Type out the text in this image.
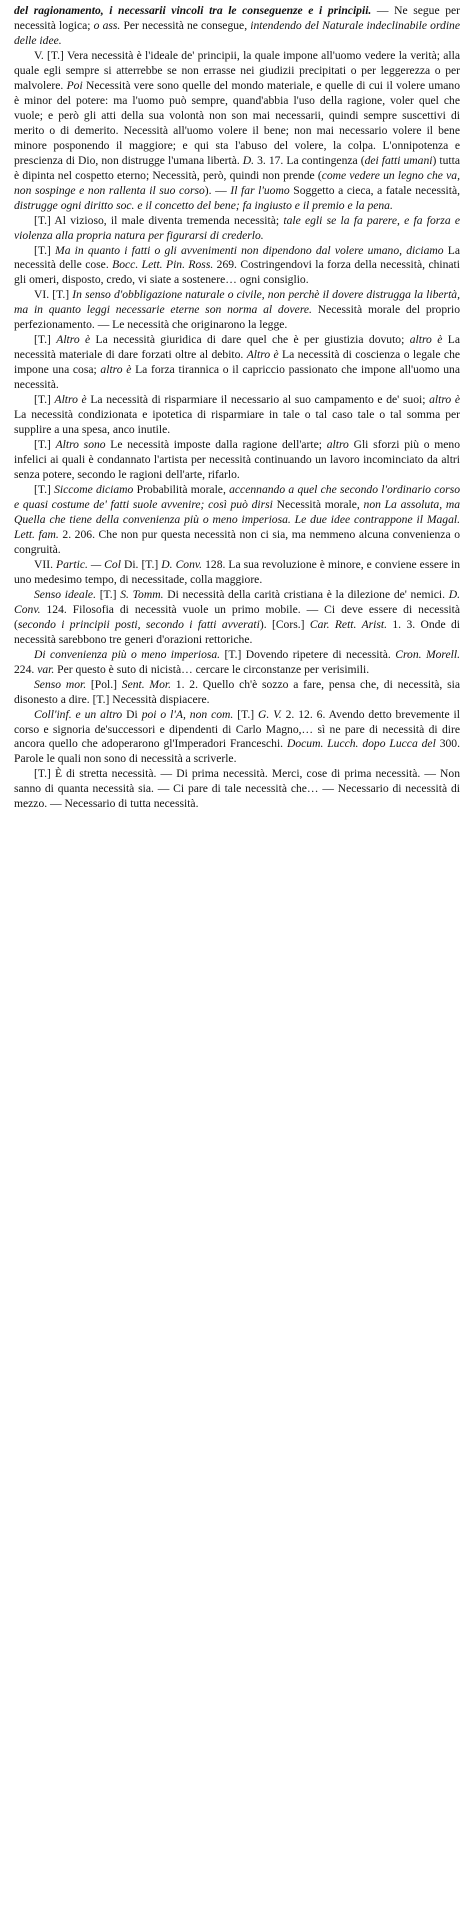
del ragionamento, i necessarii vincoli tra le conseguenze e i principii. — Ne segue per necessità logica; o ass. Per necessità ne consegue, intendendo del Naturale indeclinabile ordine delle idee.

V. [T.] Vera necessità è l'ideale de' principii, la quale impone all'uomo vedere la verità; alla quale egli sempre si atterrebbe se non errasse nei giudizii precipitati o per leggerezza o per malvolere. Poi Necessità vere sono quelle del mondo materiale, e quelle di cui il volere umano è minor del potere: ma l'uomo può sempre, quand'abbia l'uso della ragione, voler quel che vuole; e però gli atti della sua volontà non son mai necessarii, quindi sempre suscettivi di merito o di demerito. Necessità all'uomo volere il bene; non mai necessario volere il bene minore posponendo il maggiore; e qui sta l'abuso del volere, la colpa. L'onnipotenza e prescienza di Dio, non distrugge l'umana libertà. D. 3. 17. La contingenza (dei fatti umani) tutta è dipinta nel cospetto eterno; Necessità, però, quindi non prende (come vedere un legno che va, non sospinge e non rallenta il suo corso). — Il far l'uomo Soggetto a cieca, a fatale necessità, distrugge ogni diritto soc. e il concetto del bene; fa ingiusto e il premio e la pena.

[T.] Al vizioso, il male diventa tremenda necessità; tale egli se la fa parere, e fa forza e violenza alla propria natura per figurarsi di crederlo.

[T.] Ma in quanto i fatti o gli avvenimenti non dipendono dal volere umano, diciamo La necessità delle cose. Bocc. Lett. Pin. Ross. 269. Costringendovi la forza della necessità, chinati gli omeri, disposto, credo, vi siate a sostenere… ogni consiglio.

VI. [T.] In senso d'obbligazione naturale o civile, non perchè il dovere distrugga la libertà, ma in quanto leggi necessarie eterne son norma al dovere. Necessità morale del proprio perfezionamento. — Le necessità che originarono la legge.

[T.] Altro è La necessità giuridica di dare quel che è per giustizia dovuto; altro è La necessità materiale di dare forzati oltre al debito. Altro è La necessità di coscienza o legale che impone una cosa; altro è La forza tirannica o il capriccio passionato che impone all'uomo una necessità.

[T.] Altro è La necessità di risparmiare il necessario al suo campamento e de' suoi; altro è La necessità condizionata e ipotetica di risparmiare in tale o tal caso tale o tal somma per supplire a una spesa, anco inutile.

[T.] Altro sono Le necessità imposte dalla ragione dell'arte; altro Gli sforzi più o meno infelici ai quali è condannato l'artista per necessità continuando un lavoro incominciato da altri senza potere, secondo le ragioni dell'arte, rifarlo.

[T.] Siccome diciamo Probabilità morale, accennando a quel che secondo l'ordinario corso e quasi costume de' fatti suole avvenire; così può dirsi Necessità morale, non La assoluta, ma Quella che tiene della convenienza più o meno imperiosa. Le due idee contrappone il Magal. Lett. fam. 2. 206. Che non pur questa necessità non ci sia, ma nemmeno alcuna convenienza o congruità.

VII. Partic. — Col Di. [T.] D. Conv. 128. La sua revoluzione è minore, e conviene essere in uno medesimo tempo, di necessitade, colla maggiore.

Senso ideale. [T.] S. Tomm. Di necessità della carità cristiana è la dilezione de' nemici. D. Conv. 124. Filosofia di necessità vuole un primo mobile. — Ci deve essere di necessità (secondo i principii posti, secondo i fatti avverati). [Cors.] Car. Rett. Arist. 1. 3. Onde di necessità sarebbono tre generi d'orazioni rettoriche.

Di convenienza più o meno imperiosa. [T.] Dovendo ripetere di necessità. Cron. Morell. 224. var. Per questo è suto di nicistà… cercare le circonstanze per verisimili.

Senso mor. [Pol.] Sent. Mor. 1. 2. Quello ch'è sozzo a fare, pensa che, di necessità, sia disonesto a dire. [T.] Necessità dispiacere.

Coll'inf. e un altro Di poi o l'A, non com. [T.] G. V. 2. 12. 6. Avendo detto brevemente il corso e signoria de'successori e dipendenti di Carlo Magno,… sì ne pare di necessità di dire ancora quello che adoperarono gl'Imperadori Franceschi. Docum. Lucch. dopo Lucca del 300. Parole le quali non sono di necessità a scriverle.

[T.] È di stretta necessità. — Di prima necessità. Merci, cose di prima necessità. — Non sanno di quanta necessità sia. — Ci pare di tale necessità che… — Necessario di necessità di mezzo. — Necessario di tutta necessità.
